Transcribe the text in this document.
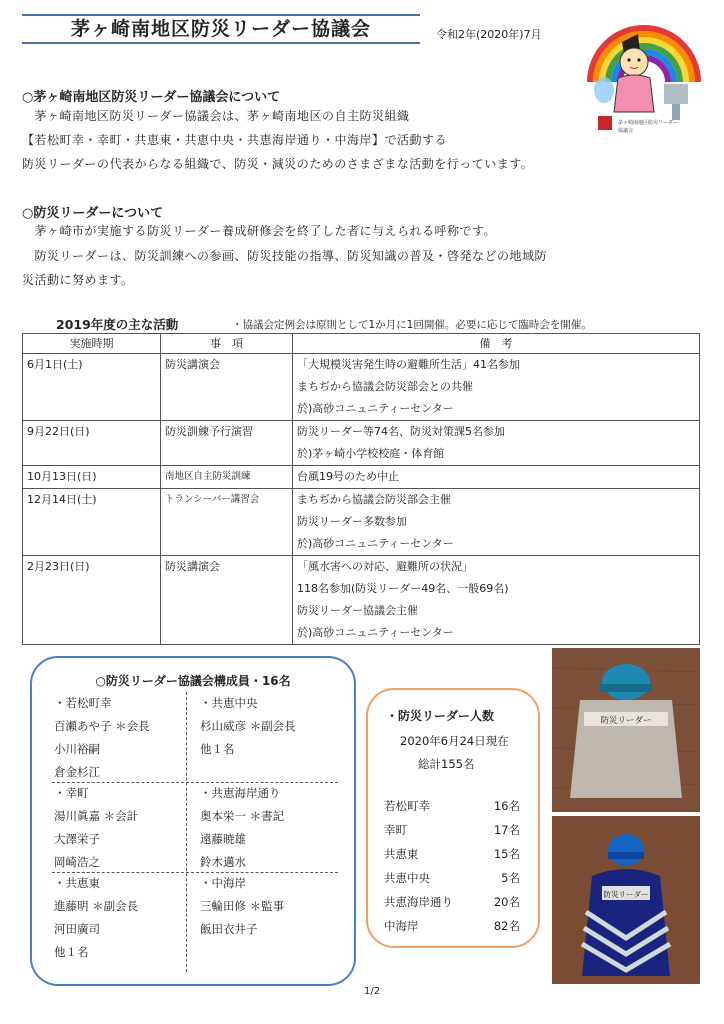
茅ヶ崎南地区防災リーダー協議会	令和2年(2020年)7月
茅ヶ崎南地区防災リーダー
協議会
○茅ヶ崎南地区防災リーダー協議会について
　茅ヶ崎南地区防災リーダー協議会は、茅ヶ崎南地区の自主防災組織
【若松町幸・幸町・共恵東・共恵中央・共恵海岸通り・中海岸】で活動する
防災リーダーの代表からなる組織で、防災・減災のためのさまざまな活動を行っています。
○防災リーダーについて
　茅ヶ崎市が実施する防災リーダー養成研修会を終了した者に与えられる呼称です。
　防災リーダーは、防災訓練への参画、防災技能の指導、防災知識の普及・啓発などの地域防
災活動に努めます。
2019年度の主な活動	・協議会定例会は原則として1か月に1回開催。必要に応じて臨時会を開催。
実施時期	事　項	備　考
6月1日(土)	防災講演会	「大規模災害発生時の避難所生活」41名参加
まちぢから協議会防災部会との共催
於)高砂コニュニティーセンター

9月22日(日)	防災訓練予行演習	防災リーダー等74名、防災対策課5名参加
於)茅ヶ崎小学校校庭・体育館

10月13日(日)	南地区自主防災訓練	台風19号のため中止

12月14日(土)	トランシーバー講習会	まちぢから協議会防災部会主催
防災リーダー多数参加
於)高砂コニュニティーセンター

2月23日(日)	防災講演会	「風水害への対応、避難所の状況」
118名参加(防災リーダー49名、一般69名)
防災リーダー協議会主催
於)高砂コニュニティーセンター
○防災リーダー協議会構成員・16名
・若松町幸
百瀬あや子 ＊会長
小川裕嗣
倉金杉江
・共恵中央
杉山威彦 ＊副会長
他１名
・幸町
湯川眞嘉 ＊会計
大澤栄子
岡崎浩之
・共恵海岸通り
奥本栄一 ＊書記
遠藤暁雄
鈴木邁水
・共恵東
進藤明 ＊副会長
河田廣司
他１名
・中海岸
三輪田修 ＊監事
飯田衣井子
・防災リーダー人数
2020年6月24日現在
総計155名
若松町幸	16名
幸町	17名
共恵東	15名
共恵中央	5名
共恵海岸通り	20名
中海岸	82名
防災リーダー
防災リーダー
1/2
